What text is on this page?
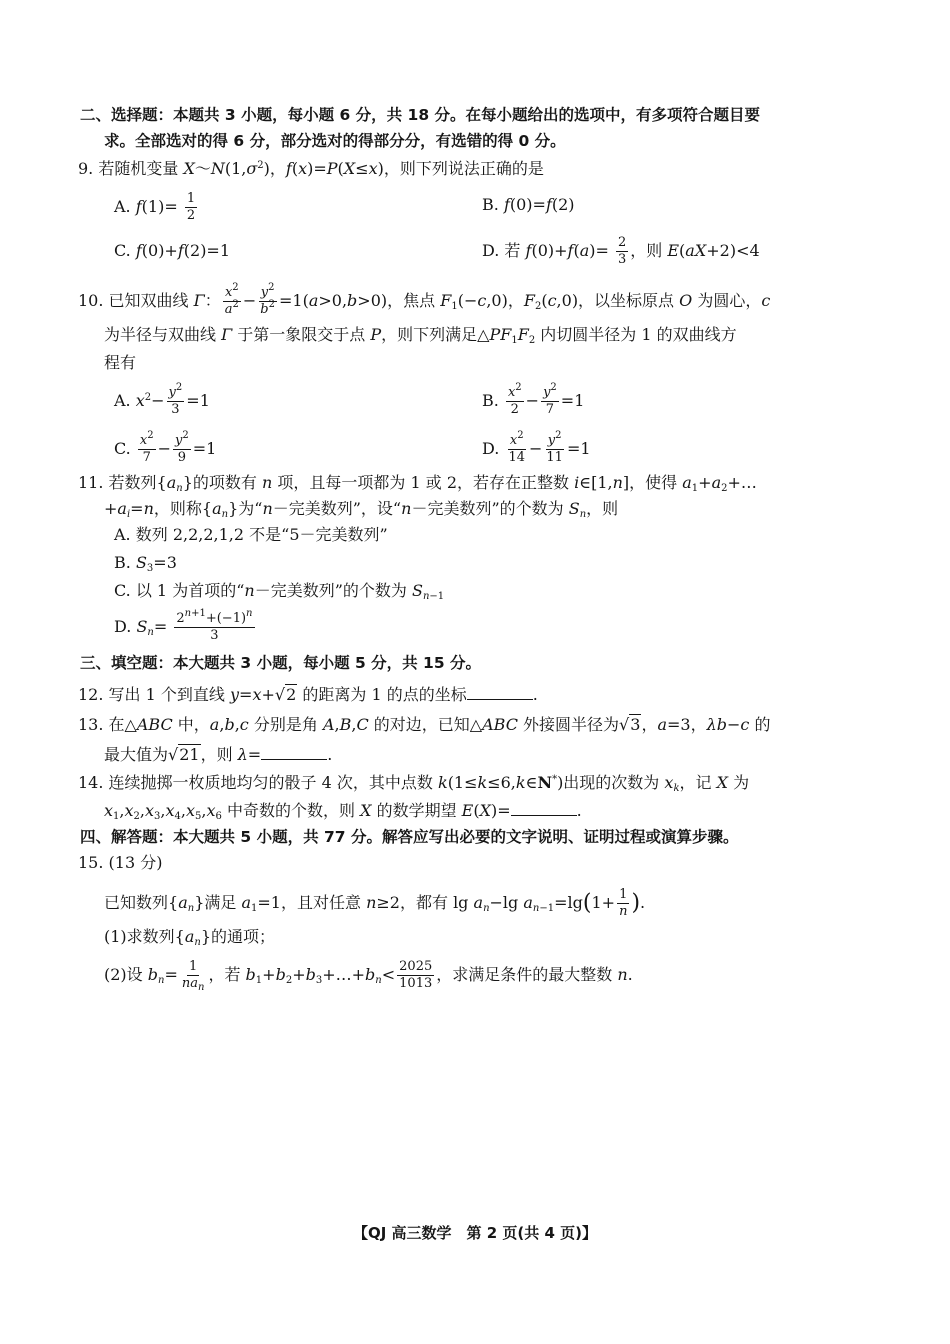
二、选择题：本题共 3 小题，每小题 6 分，共 18 分。在每小题给出的选项中，有多项符合题目要
求。全部选对的得 6 分，部分选对的得部分分，有选错的得 0 分。
9. 若随机变量 $X\sim N(1,\sigma^2)$，f(x)=P(X≤x)，则下列说法正确的是
A. $f(1)= \frac{1}{2}$	B. f(0)=f(2)
C. f(0)+f(2)=1	D. 若 $f(0)+f(a)= \frac{2}{3}$ ，则 E(aX+2)<4
10. 已知双曲线 Γ： $\frac{x^2}{a^2} - \frac{y^2}{b^2} =1(a>0,b>0)$，焦点 $F_1(-c,0)$，$F_2(c,0)$，以坐标原点 O 为圆心，c
为半径与双曲线 Γ 于第一象限交于点 P，则下列满足$\triangle PF_1F_2$ 内切圆半径为 1 的双曲线方
程有
A. $x^2- \frac{y^2}{3} =1$	B. $\frac{x^2}{2} - \frac{y^2}{7} =1$
C. $\frac{x^2}{7} - \frac{y^2}{9} =1$	D. $\frac{x^2}{14} - \frac{y^2}{11} =1$
11. 若数列$\{a_n\}$的项数有 n 项，且每一项都为 1 或 2，若存在正整数 i∈[1,n]，使得 $a_1+a_2+\dots$
$+a_i=n$，则称$\{a_n\}$为“n－完美数列”，设“n－完美数列”的个数为 $S_n$，则
A. 数列 2,2,2,1,2 不是“5－完美数列”
B. $S_3=3$
C. 以 1 为首项的“n－完美数列”的个数为 $S_{n-1}$
D. $S_n= \frac{2^{n+1}+(-1)^n}{3}$
三、填空题：本大题共 3 小题，每小题 5 分，共 15 分。
12. 写出 1 个到直线 y=x+√2 的距离为 1 的点的坐标	.
13. 在△ABC 中，a,b,c 分别是角 A,B,C 的对边，已知△ABC 外接圆半径为√3，a=3，λb−c 的
最大值为√21，则 λ=	.
14. 连续抛掷一枚质地均匀的骰子 4 次，其中点数 k(1≤k≤6,k∈N*)出现的次数为 $x_k$，记 X 为
$x_1,x_2,x_3,x_4,x_5,x_6$ 中奇数的个数，则 X 的数学期望 E(X)=	.
四、解答题：本大题共 5 小题，共 77 分。解答应写出必要的文字说明、证明过程或演算步骤。
15. (13 分)
已知数列$\{a_n\}$满足 $a_1=1$，且对任意 n≥2，都有 $\lg a_n-\lg$ $a_{n-1}=\lg(1+ \frac{1}{n}$ ).
(1)求数列$\{a_n\}$的通项；
(2)设 $b_n= \frac{1}{na_n}$ ，若 $b_1+b_2+b_3+\dots+b_n< \frac{2025}{1013}$ ，求满足条件的最大整数 n.
【QJ 高三数学　第 2 页(共 4 页)】
